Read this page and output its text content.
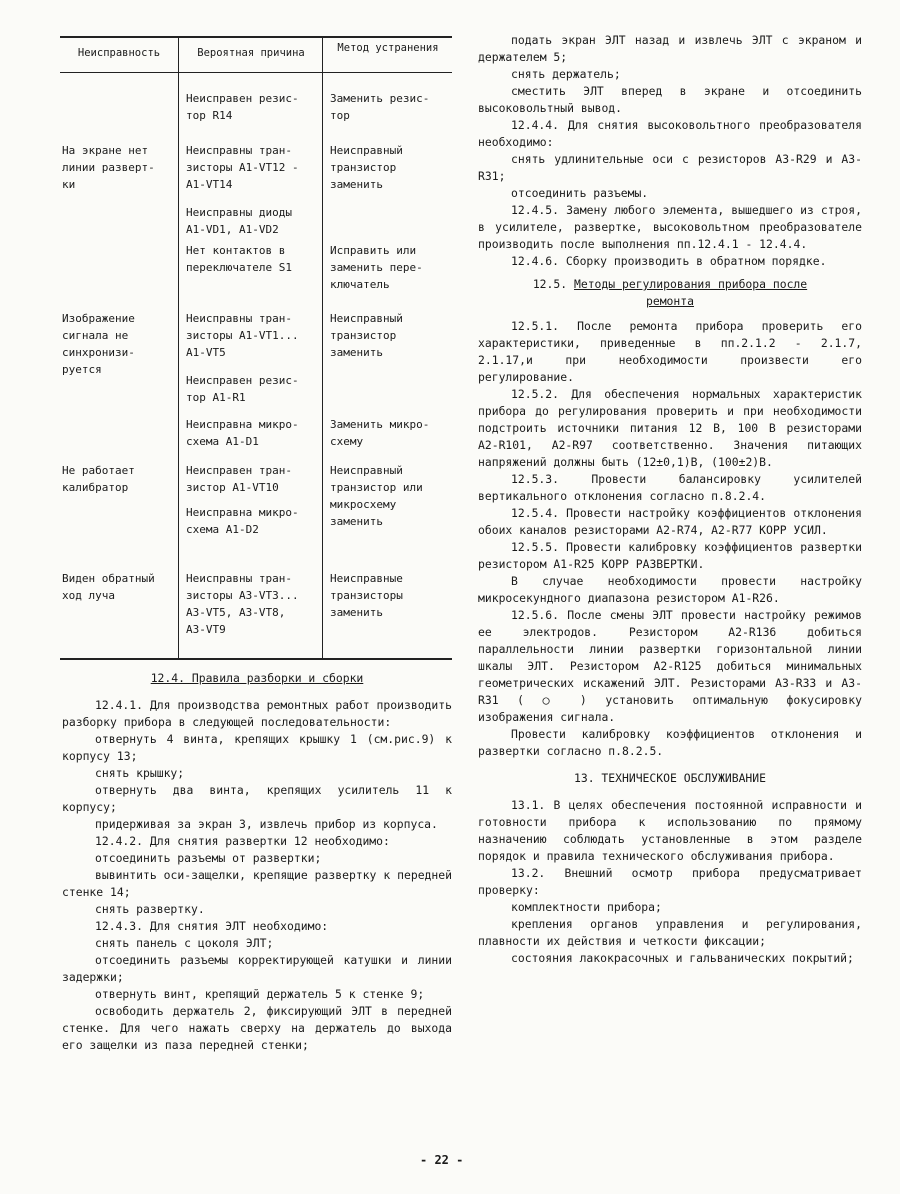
Неисправность	Вероятная причина	Метод устранения
На экране нет
линии разверт-
ки
Изображение
сигнала не
синхронизи-
руется
Не работает
калибратор
Виден обратный
ход луча
Неисправен резис-
тор R14
Неисправны тран-
зисторы А1-VT12 -
А1-VT14
Неисправны диоды
А1-VD1, А1-VD2
Нет контактов в
переключателе S1
Неисправны тран-
зисторы А1-VT1...
А1-VT5
Неисправен резис-
тор А1-R1
Неисправна микро-
схема А1-D1
Неисправен тран-
зистор А1-VT10
Неисправна микро-
схема А1-D2
Неисправны тран-
зисторы А3-VT3...
А3-VT5, А3-VT8,
А3-VT9
Заменить резис-
тор
Неисправный
транзистор
заменить
Исправить или
заменить пере-
ключатель
Неисправный
транзистор
заменить
Заменить микро-
схему
Неисправный
транзистор или
микросхему
заменить
Неисправные
транзисторы
заменить

12.4. Правила разборки и сборки

12.4.1. Для производства ремонтных работ производить разборку прибора в следующей последовательности:

отвернуть 4 винта, крепящих крышку 1 (см.рис.9) к корпусу 13;

снять крышку;

отвернуть два винта, крепящих усилитель 11 к корпусу;

придерживая за экран 3, извлечь прибор из корпуса.

12.4.2. Для снятия развертки 12 необходимо:

отсоединить разъемы от развертки;

вывинтить оси-защелки, крепящие развертку к передней стенке 14;

снять развертку.

12.4.3. Для снятия ЭЛТ необходимо:

снять панель с цоколя ЭЛТ;

отсоединить разъемы корректирующей катушки и линии задержки;

отвернуть винт, крепящий держатель 5 к стенке 9;

освободить держатель 2, фиксирующий ЭЛТ в передней стенке. Для чего нажать сверху на держатель до выхода его защелки из паза передней стенки;

подать экран ЭЛТ назад и извлечь ЭЛТ с экраном и держателем 5;

снять держатель;

сместить ЭЛТ вперед в экране и отсоединить высоковольтный вывод.

12.4.4. Для снятия высоковольтного преобразователя необходимо:

снять удлинительные оси с резисторов А3-R29 и А3-R31;

отсоединить разъемы.

12.4.5. Замену любого элемента, вышедшего из строя, в усилителе, развертке, высоковольтном преобразователе производить после выполнения пп.12.4.1 - 12.4.4.

12.4.6. Сборку производить в обратном порядке.

12.5. Методы регулирования прибора после ремонта

12.5.1. После ремонта прибора проверить его характеристики, приведенные в пп.2.1.2 - 2.1.7, 2.1.17,и при необходимости произвести его регулирование.

12.5.2. Для обеспечения нормальных характеристик прибора до регулирования проверить и при необходимости подстроить источники питания 12 В, 100 В резисторами А2-R101, А2-R97 соответственно. Значения питающих напряжений должны быть (12±0,1)В, (100±2)В.

12.5.3. Провести балансировку усилителей вертикального отклонения согласно п.8.2.4.

12.5.4. Провести настройку коэффициентов отклонения обоих каналов резисторами А2-R74, А2-R77 КОРР УСИЛ.

12.5.5. Провести калибровку коэффициентов развертки резистором А1-R25 КОРР РАЗВЕРТКИ.

В случае необходимости провести настройку микросекундного диапазона резистором А1-R26.

12.5.6. После смены ЭЛТ провести настройку режимов ее электродов. Резистором А2-R136 добиться параллельности линии развертки горизонтальной линии шкалы ЭЛТ. Резистором А2-R125 добиться минимальных геометрических искажений ЭЛТ. Резисторами А3-R33 и А3-R31 ( ◯ ) установить оптимальную фокусировку изображения сигнала.

Провести калибровку коэффициентов отклонения и развертки согласно п.8.2.5.

13. ТЕХНИЧЕСКОЕ ОБСЛУЖИВАНИЕ

13.1. В целях обеспечения постоянной исправности и готовности прибора к использованию по прямому назначению соблюдать установленные в этом разделе порядок и правила технического обслуживания прибора.

13.2. Внешний осмотр прибора предусматривает проверку:

комплектности прибора;

крепления органов управления и регулирования, плавности их действия и четкости фиксации;

состояния лакокрасочных и гальванических покрытий;

- 22 -
